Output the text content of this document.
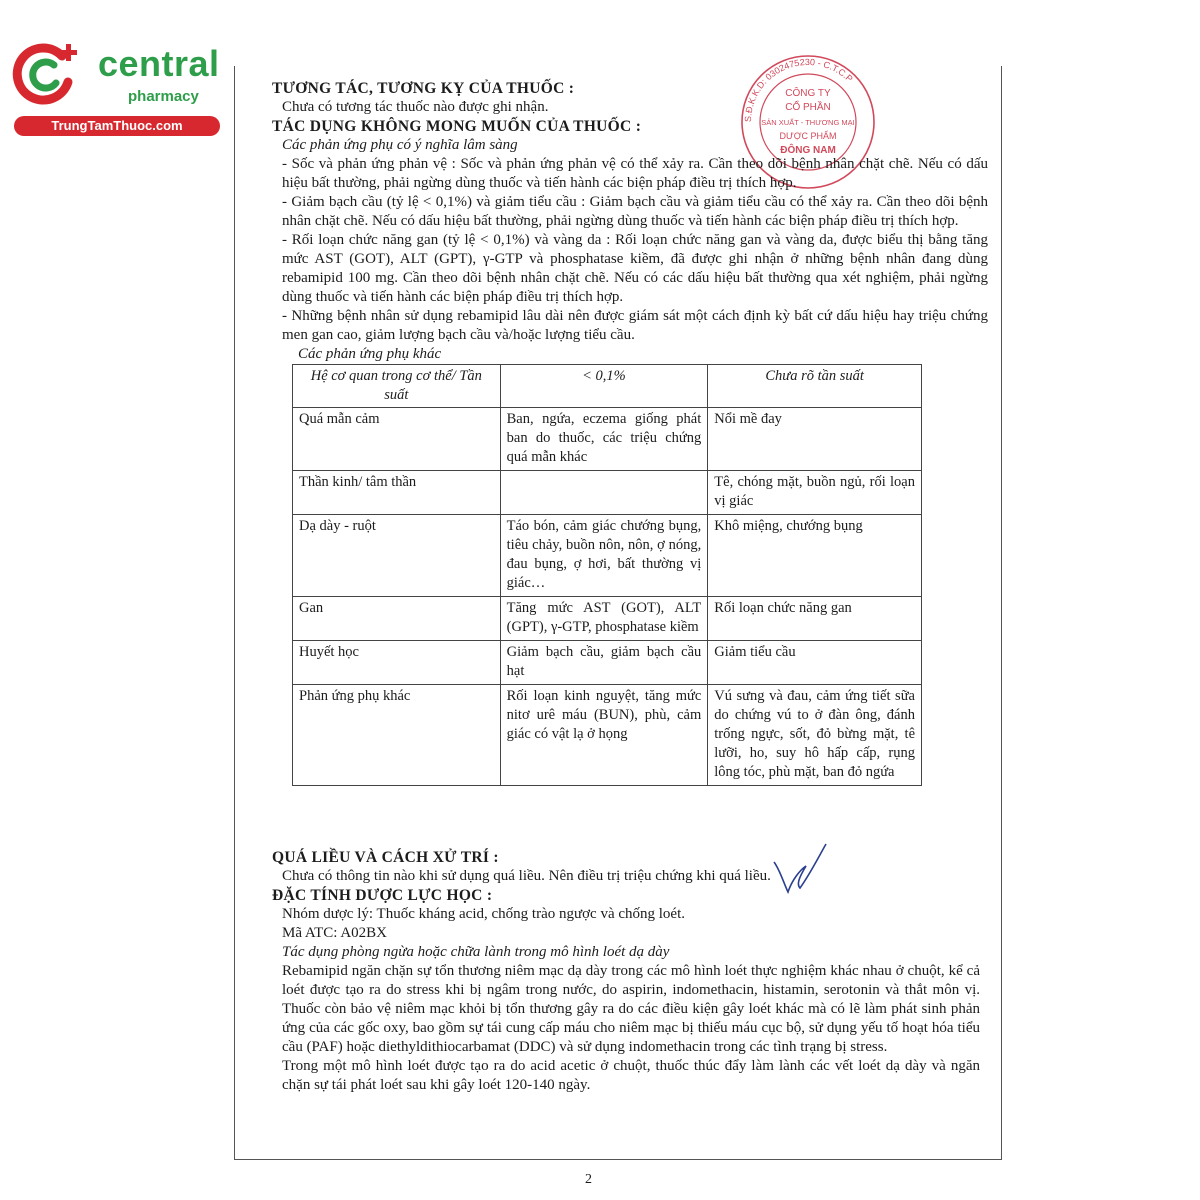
central
pharmacy
TrungTamThuoc.com	S.Đ.K.K.D: 0302475230 - C.T.C.P
CÔNG TY
CỔ PHẦN
SẢN XUẤT - THƯƠNG MẠI
DƯỢC PHẨM
ĐÔNG NAM

TƯƠNG TÁC, TƯƠNG KỴ CỦA THUỐC :

Chưa có tương tác thuốc nào được ghi nhận.

TÁC DỤNG KHÔNG MONG MUỐN CỦA THUỐC :

Các phản ứng phụ có ý nghĩa lâm sàng

- Sốc và phản ứng phản vệ : Sốc và phản ứng phản vệ có thể xảy ra. Cần theo dõi bệnh nhân chặt chẽ. Nếu có dấu hiệu bất thường, phải ngừng dùng thuốc và tiến hành các biện pháp điều trị thích hợp.

- Giảm bạch cầu (tỷ lệ < 0,1%) và giảm tiểu cầu : Giảm bạch cầu và giảm tiểu cầu có thể xảy ra. Cần theo dõi bệnh nhân chặt chẽ. Nếu có dấu hiệu bất thường, phải ngừng dùng thuốc và tiến hành các biện pháp điều trị thích hợp.

- Rối loạn chức năng gan (tỷ lệ < 0,1%) và vàng da : Rối loạn chức năng gan và vàng da, được biểu thị bằng tăng mức AST (GOT), ALT (GPT), γ-GTP và phosphatase kiềm, đã được ghi nhận ở những bệnh nhân đang dùng rebamipid 100 mg. Cần theo dõi bệnh nhân chặt chẽ. Nếu có các dấu hiệu bất thường qua xét nghiệm, phải ngừng dùng thuốc và tiến hành các biện pháp điều trị thích hợp.

- Những bệnh nhân sử dụng rebamipid lâu dài nên được giám sát một cách định kỳ bất cứ dấu hiệu hay triệu chứng men gan cao, giảm lượng bạch cầu và/hoặc lượng tiểu cầu.

Các phản ứng phụ khác

Hệ cơ quan trong cơ thể/ Tần suất	< 0,1%	Chưa rõ tần suất
Quá mẫn cảm	Ban, ngứa, eczema giống phát ban do thuốc, các triệu chứng quá mẫn khác	Nổi mề đay
Thần kinh/ tâm thần		Tê, chóng mặt, buồn ngủ, rối loạn vị giác
Dạ dày - ruột	Táo bón, cảm giác chướng bụng, tiêu chảy, buồn nôn, nôn, ợ nóng, đau bụng, ợ hơi, bất thường vị giác…	Khô miệng, chướng bụng
Gan	Tăng mức AST (GOT), ALT (GPT), γ-GTP, phosphatase kiềm	Rối loạn chức năng gan
Huyết học	Giảm bạch cầu, giảm bạch cầu hạt	Giảm tiểu cầu
Phản ứng phụ khác	Rối loạn kinh nguyệt, tăng mức nitơ urê máu (BUN), phù, cảm giác có vật lạ ở họng	Vú sưng và đau, cảm ứng tiết sữa do chứng vú to ở đàn ông, đánh trống ngực, sốt, đỏ bừng mặt, tê lưỡi, ho, suy hô hấp cấp, rụng lông tóc, phù mặt, ban đỏ ngứa

QUÁ LIỀU VÀ CÁCH XỬ TRÍ :

Chưa có thông tin nào khi sử dụng quá liều. Nên điều trị triệu chứng khi quá liều.

ĐẶC TÍNH DƯỢC LỰC HỌC :

Nhóm dược lý: Thuốc kháng acid, chống trào ngược và chống loét.

Mã ATC: A02BX

Tác dụng phòng ngừa hoặc chữa lành trong mô hình loét dạ dày

Rebamipid ngăn chặn sự tổn thương niêm mạc dạ dày trong các mô hình loét thực nghiệm khác nhau ở chuột, kể cả loét được tạo ra do stress khi bị ngâm trong nước, do aspirin, indomethacin, histamin, serotonin và thắt môn vị. Thuốc còn bảo vệ niêm mạc khỏi bị tổn thương gây ra do các điều kiện gây loét khác mà có lẽ làm phát sinh phản ứng của các gốc oxy, bao gồm sự tái cung cấp máu cho niêm mạc bị thiếu máu cục bộ, sử dụng yếu tố hoạt hóa tiểu cầu (PAF) hoặc diethyldithiocarbamat (DDC) và sử dụng indomethacin trong các tình trạng bị stress.

Trong một mô hình loét được tạo ra do acid acetic ở chuột, thuốc thúc đẩy làm lành các vết loét dạ dày và ngăn chặn sự tái phát loét sau khi gây loét 120-140 ngày.

2
